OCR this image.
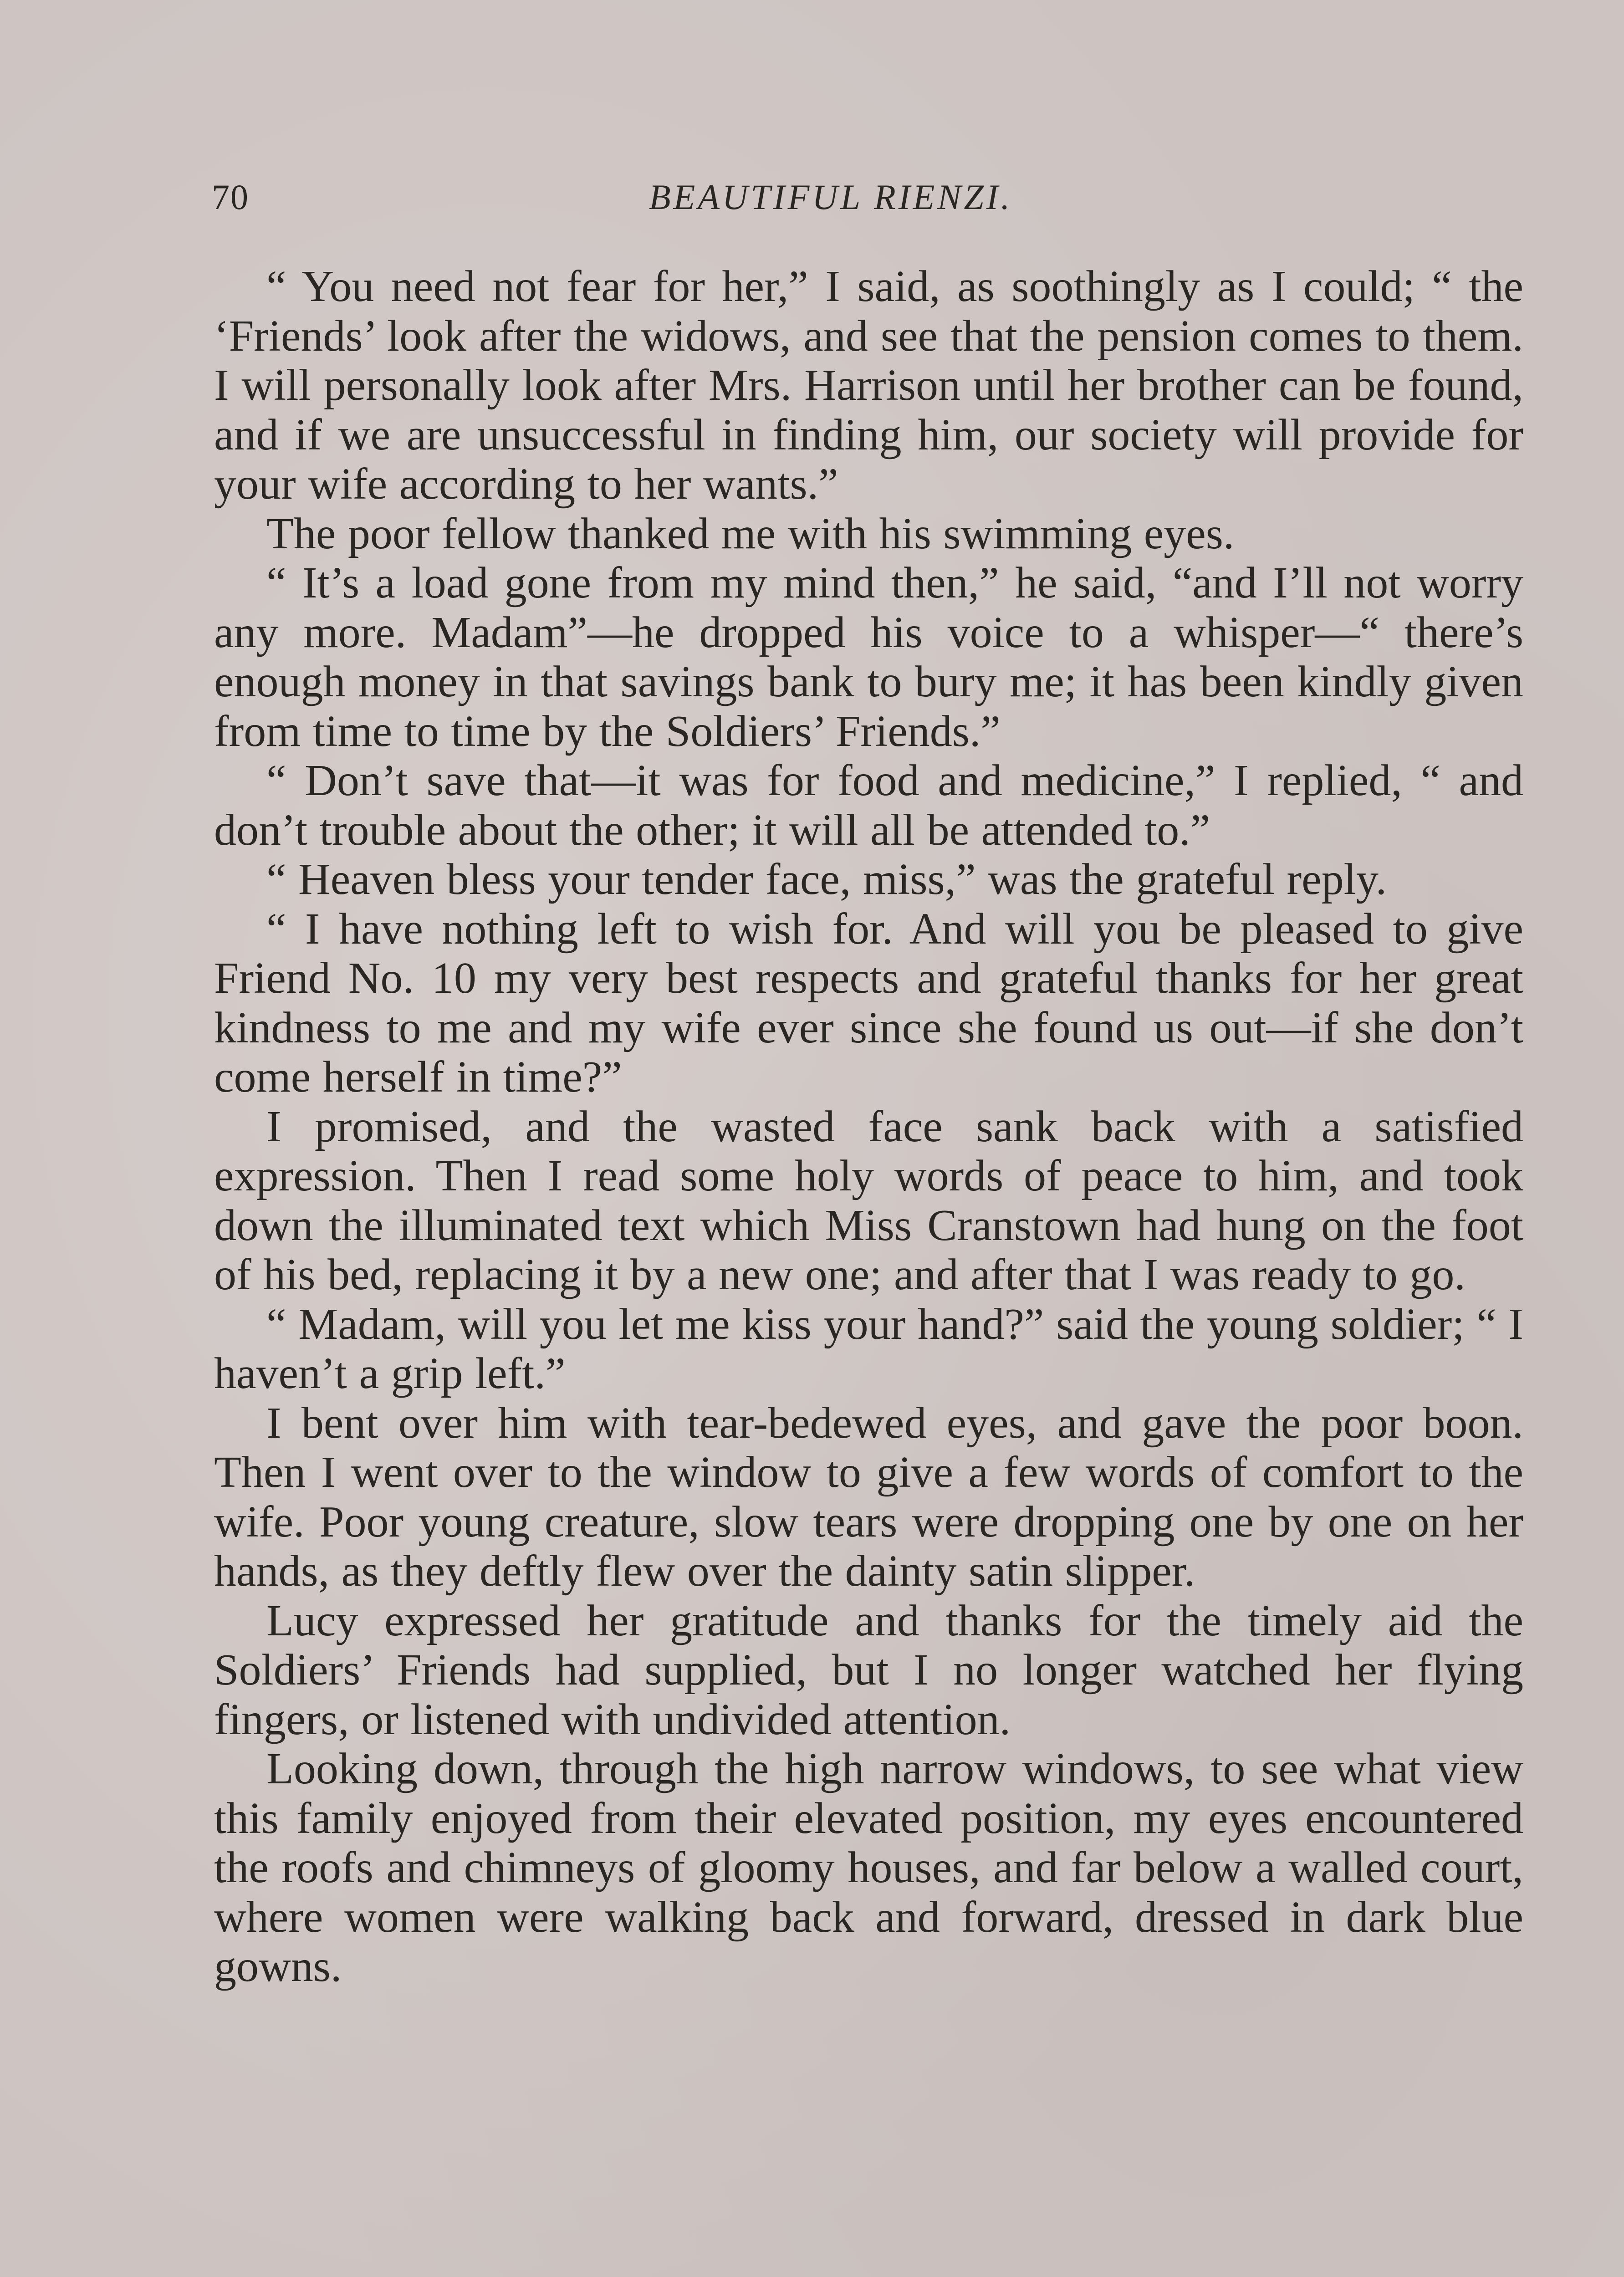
70	BEAUTIFUL RIENZI.

“ You need not fear for her,” I said, as soothingly as I could; “ the ‘Friends’ look after the widows, and see that the pension comes to them. I will personally look after Mrs. Harrison until her brother can be found, and if we are unsuccessful in finding him, our society will provide for your wife according to her wants.”

The poor fellow thanked me with his swimming eyes.

“ It’s a load gone from my mind then,” he said, “and I’ll not worry any more. Madam”—he dropped his voice to a whisper—“ there’s enough money in that savings bank to bury me; it has been kindly given from time to time by the Soldiers’ Friends.”

“ Don’t save that—it was for food and medicine,” I replied, “ and don’t trouble about the other; it will all be attended to.”

“ Heaven bless your tender face, miss,” was the grateful reply.

“ I have nothing left to wish for. And will you be pleased to give Friend No. 10 my very best respects and grateful thanks for her great kindness to me and my wife ever since she found us out—if she don’t come herself in time?”

I promised, and the wasted face sank back with a satisfied expression. Then I read some holy words of peace to him, and took down the illuminated text which Miss Cranstown had hung on the foot of his bed, replacing it by a new one; and after that I was ready to go.

“ Madam, will you let me kiss your hand?” said the young soldier; “ I haven’t a grip left.”

I bent over him with tear-bedewed eyes, and gave the poor boon. Then I went over to the window to give a few words of comfort to the wife. Poor young creature, slow tears were dropping one by one on her hands, as they deftly flew over the dainty satin slipper.

Lucy expressed her gratitude and thanks for the timely aid the Soldiers’ Friends had supplied, but I no longer watched her flying fingers, or listened with undivided attention.

Looking down, through the high narrow windows, to see what view this family enjoyed from their elevated position, my eyes encountered the roofs and chimneys of gloomy houses, and far below a walled court, where women were walking back and forward, dressed in dark blue gowns.
